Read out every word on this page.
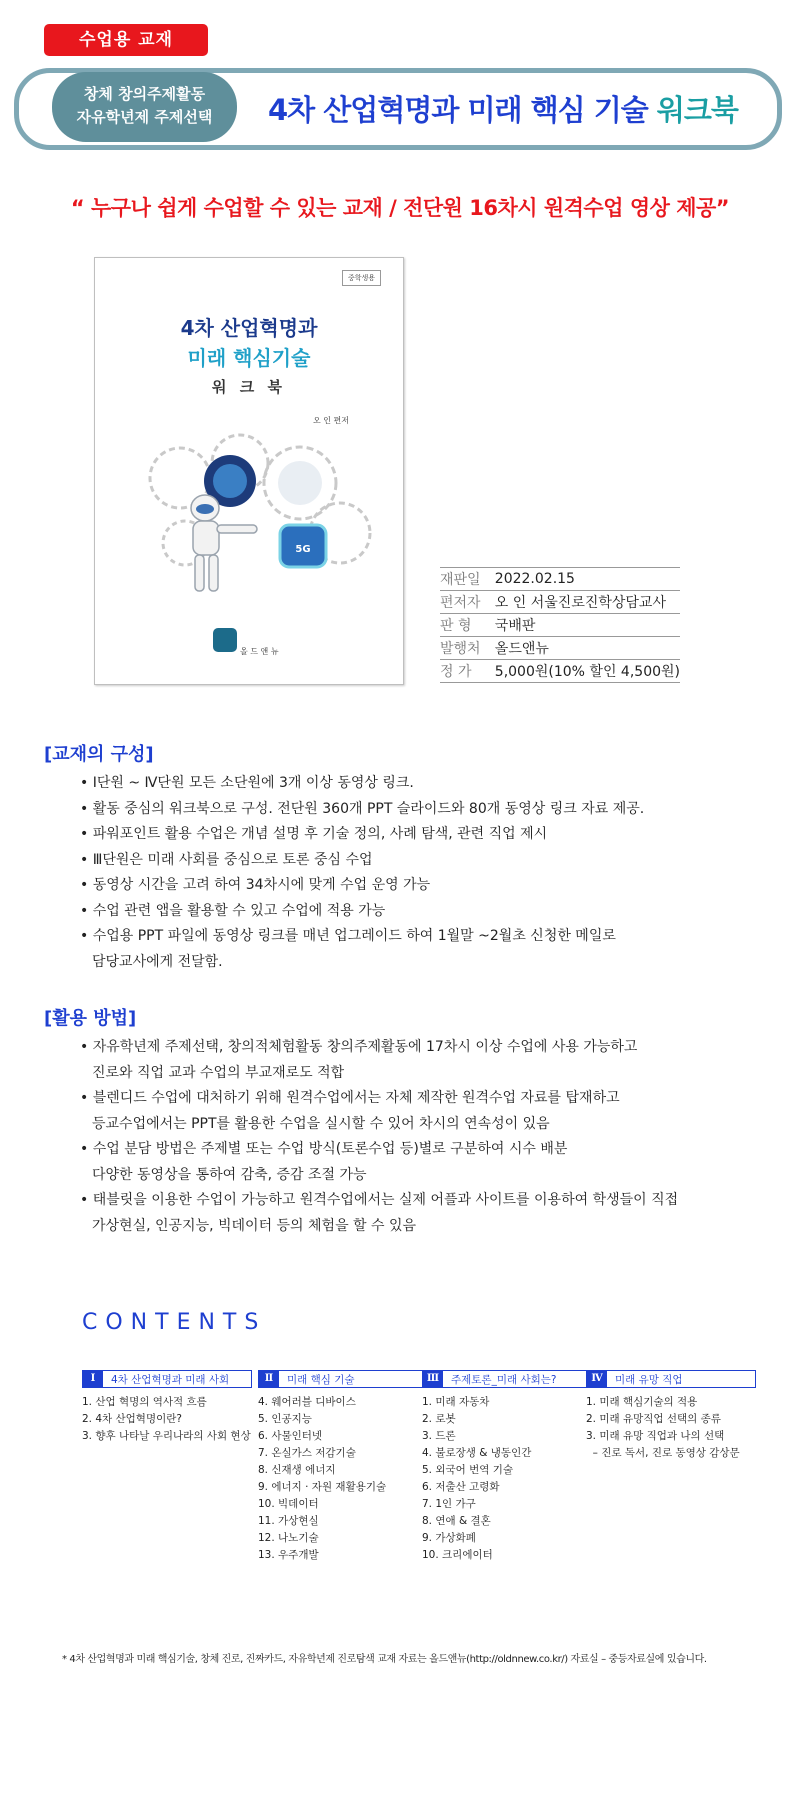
수업용 교재
창체 창의주제활동
자유학년제 주제선택	4차 산업혁명과 미래 핵심 기술 워크북
“ 누구나 쉽게 수업할 수 있는 교재 / 전단원 16차시 원격수업 영상 제공”
중학생용
4차 산업혁명과
미래 핵심기술
워 크 북
오 인 편저
5G
올 드 앤 뉴
재판일	2022.02.15
편저자	오 인 서울진로진학상담교사
판 형	국배판
발행처	올드앤뉴
정 가	5,000원(10% 할인 4,500원)
[교재의 구성]
• Ⅰ단원 ~ Ⅳ단원 모든 소단원에 3개 이상 동영상 링크.
• 활동 중심의 워크북으로 구성. 전단원 360개 PPT 슬라이드와 80개 동영상 링크 자료 제공.
• 파워포인트 활용 수업은 개념 설명 후 기술 정의, 사례 탐색, 관련 직업 제시
• Ⅲ단원은 미래 사회를 중심으로 토론 중심 수업
• 동영상 시간을 고려 하여 34차시에 맞게 수업 운영 가능
• 수업 관련 앱을 활용할 수 있고 수업에 적용 가능
• 수업용 PPT 파일에 동영상 링크를 매년 업그레이드 하여 1월말 ~2월초 신청한 메일로
담당교사에게 전달함.
[활용 방법]
• 자유학년제 주제선택, 창의적체험활동 창의주제활동에 17차시 이상 수업에 사용 가능하고
진로와 직업 교과 수업의 부교재로도 적합
• 블렌디드 수업에 대처하기 위해 원격수업에서는 자체 제작한 원격수업 자료를 탑재하고
등교수업에서는 PPT를 활용한 수업을 실시할 수 있어 차시의 연속성이 있음
• 수업 분담 방법은 주제별 또는 수업 방식(토론수업 등)별로 구분하여 시수 배분
다양한 동영상을 통하여 감축, 증감 조절 가능
• 태블릿을 이용한 수업이 가능하고 원격수업에서는 실제 어플과 사이트를 이용하여 학생들이 직접
가상현실, 인공지능, 빅데이터 등의 체험을 할 수 있음
CONTENTS
Ⅰ	4차 산업혁명과 미래 사회
1. 산업 혁명의 역사적 흐름
2. 4차 산업혁명이란?
3. 향후 나타날 우리나라의 사회 현상
Ⅱ	미래 핵심 기술
4. 웨어러블 디바이스
5. 인공지능
6. 사물인터넷
7. 온실가스 저감기술
8. 신재생 에너지
9. 에너지 · 자원 재활용기술
10. 빅데이터
11. 가상현실
12. 나노기술
13. 우주개발
Ⅲ	주제토론_미래 사회는?
1. 미래 자동차
2. 로봇
3. 드론
4. 불로장생 & 냉동인간
5. 외국어 번역 기술
6. 저출산 고령화
7. 1인 가구
8. 연애 & 결혼
9. 가상화폐
10. 크리에이터
Ⅳ	미래 유망 직업
1. 미래 핵심기술의 적용
2. 미래 유망직업 선택의 종류
3. 미래 유망 직업과 나의 선택
– 진로 독서, 진로 동영상 감상문
* 4차 산업혁명과 미래 핵심기술, 창체 진로, 진짜카드, 자유학년제 진로탐색 교재 자료는 올드앤뉴(http://oldnnew.co.kr/) 자료실 – 중등자료실에 있습니다.
